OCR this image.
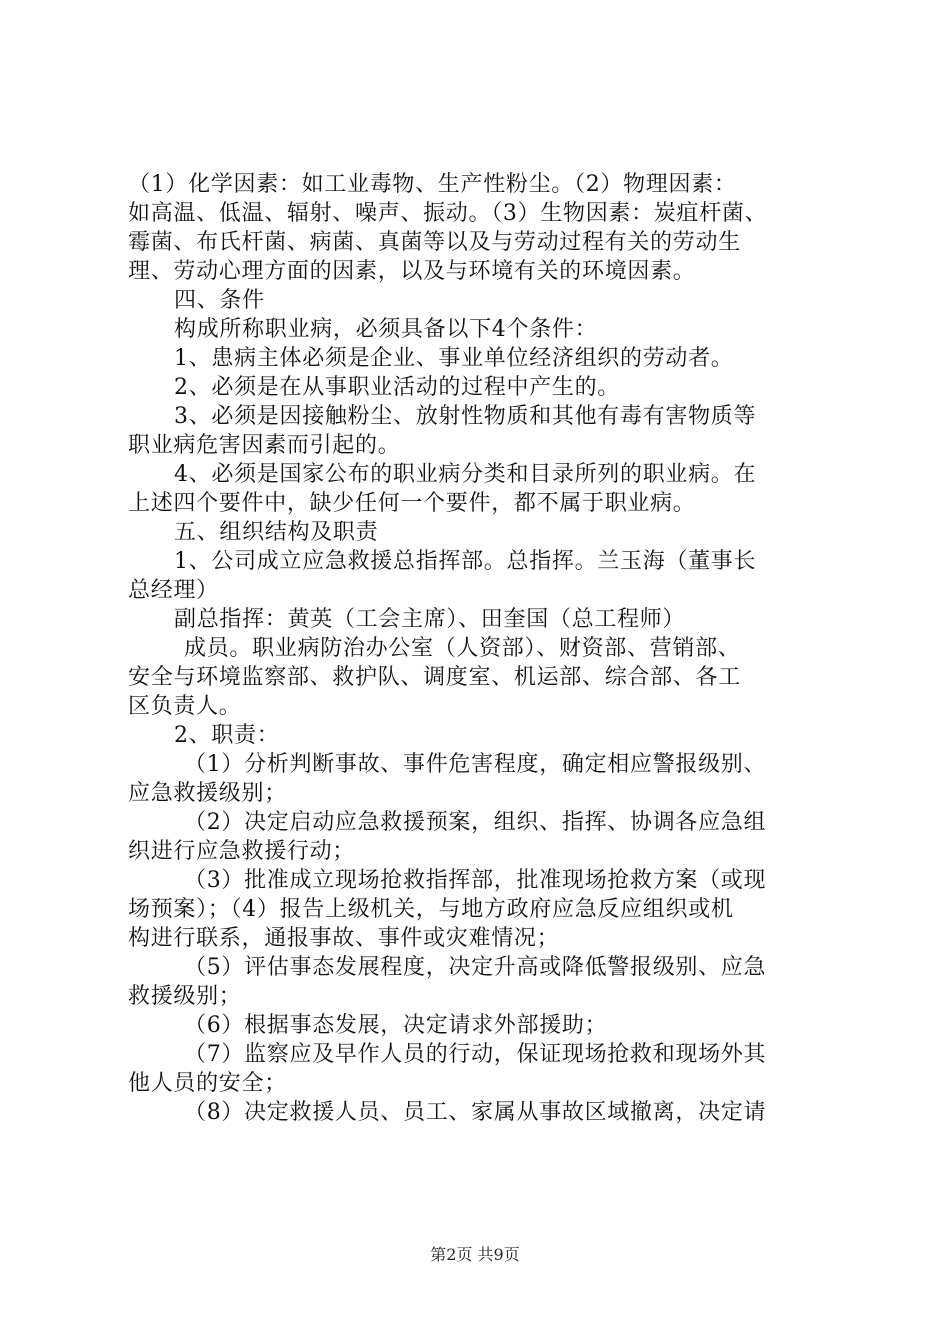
（1）化学因素：如工业毒物、生产性粉尘。（2）物理因素：
如高温、低温、辐射、噪声、振动。（3）生物因素：炭疽杆菌、
霉菌、布氏杆菌、病菌、真菌等以及与劳动过程有关的劳动生
理、劳动心理方面的因素，以及与环境有关的环境因素。
四、条件
构成所称职业病，必须具备以下4个条件：
1、患病主体必须是企业、事业单位经济组织的劳动者。
2、必须是在从事职业活动的过程中产生的。
3、必须是因接触粉尘、放射性物质和其他有毒有害物质等
职业病危害因素而引起的。
4、必须是国家公布的职业病分类和目录所列的职业病。在
上述四个要件中，缺少任何一个要件，都不属于职业病。
五、组织结构及职责
1、公司成立应急救援总指挥部。总指挥。兰玉海（董事长
总经理）
副总指挥：黄英（工会主席）、田奎国（总工程师）
成员。职业病防治办公室（人资部）、财资部、营销部、
安全与环境监察部、救护队、调度室、机运部、综合部、各工
区负责人。
2、职责：
（1）分析判断事故、事件危害程度，确定相应警报级别、
应急救援级别；
（2）决定启动应急救援预案，组织、指挥、协调各应急组
织进行应急救援行动；
（3）批准成立现场抢救指挥部，批准现场抢救方案（或现
场预案）；（4）报告上级机关，与地方政府应急反应组织或机
构进行联系，通报事故、事件或灾难情况；
（5）评估事态发展程度，决定升高或降低警报级别、应急
救援级别；
（6）根据事态发展，决定请求外部援助；
（7）监察应及早作人员的行动，保证现场抢救和现场外其
他人员的安全；
（8）决定救援人员、员工、家属从事故区域撤离，决定请
第2页 共9页
